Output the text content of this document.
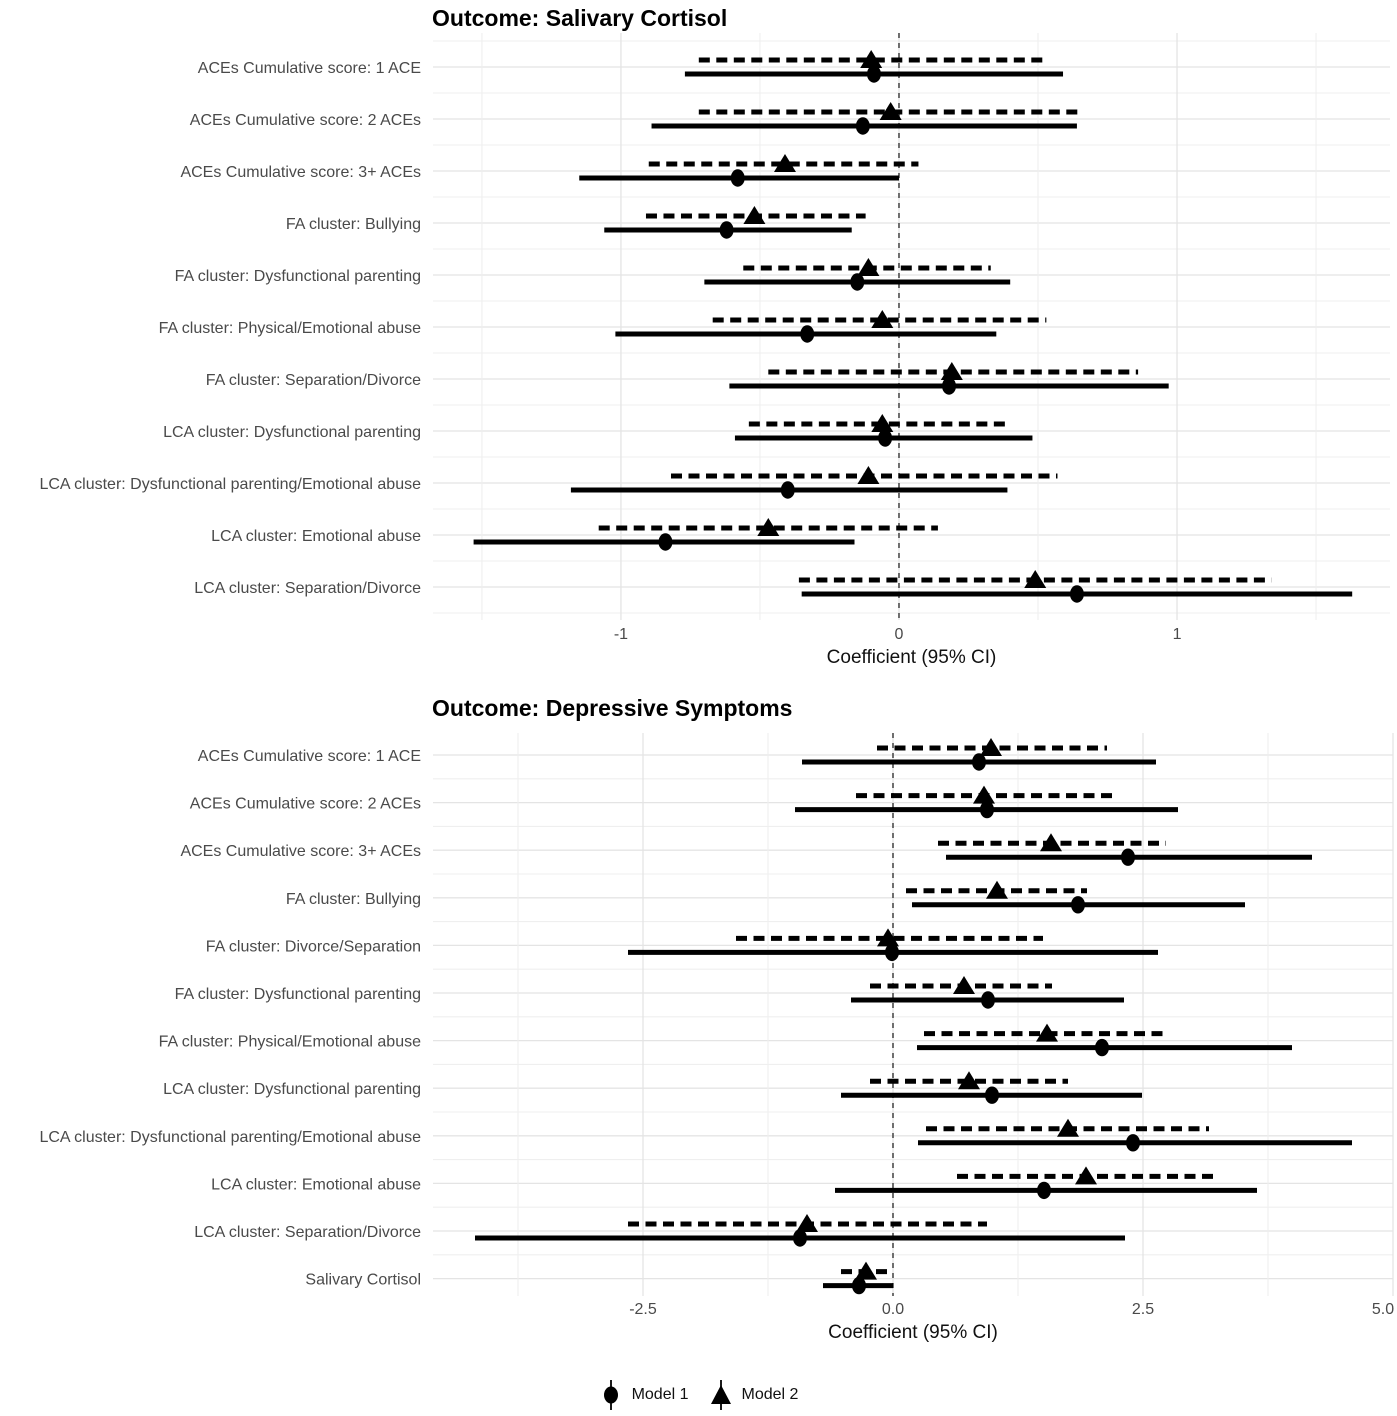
Outcome: Salivary Cortisol
Outcome: Depressive Symptoms
ACEs Cumulative score: 1 ACE
ACEs Cumulative score: 2 ACEs
ACEs Cumulative score: 3+ ACEs
FA cluster: Bullying
FA cluster: Dysfunctional parenting
FA cluster: Physical/Emotional abuse
FA cluster: Separation/Divorce
LCA cluster: Dysfunctional parenting
LCA cluster: Dysfunctional parenting/Emotional abuse
LCA cluster: Emotional abuse
LCA cluster: Separation/Divorce
-1	0	1
ACEs Cumulative score: 1 ACE
ACEs Cumulative score: 2 ACEs
ACEs Cumulative score: 3+ ACEs
FA cluster: Bullying
FA cluster: Divorce/Separation
FA cluster: Dysfunctional parenting
FA cluster: Physical/Emotional abuse
LCA cluster: Dysfunctional parenting
LCA cluster: Dysfunctional parenting/Emotional abuse
LCA cluster: Emotional abuse
LCA cluster: Separation/Divorce
Salivary Cortisol
-2.5	0.0	2.5	5.0
Coefficient (95% CI)
Coefficient (95% CI)
Model 1	Model 2
